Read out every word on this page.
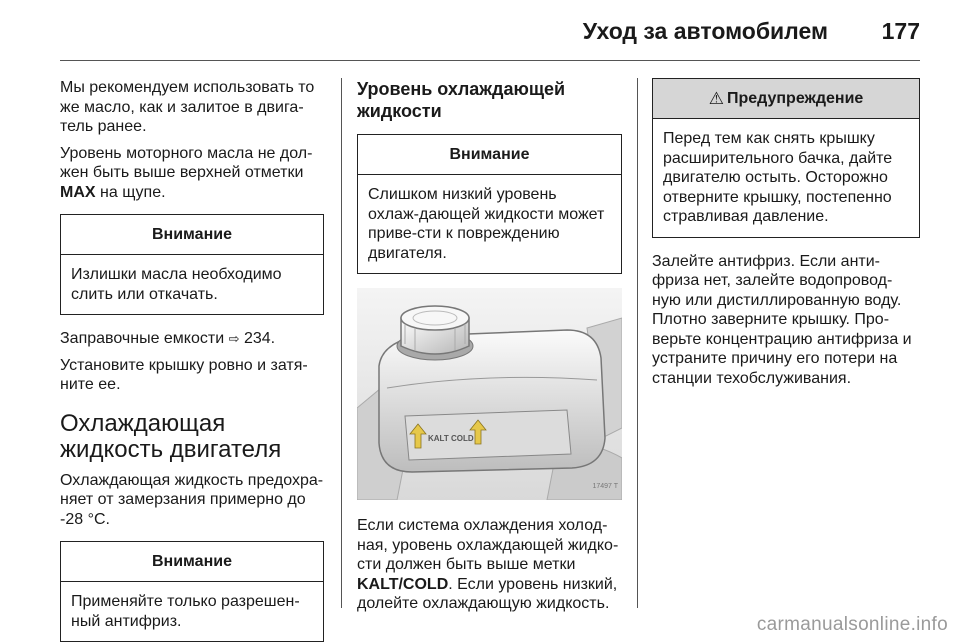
Уход за автомобилем 177

Мы рекомендуем использовать то же масло, как и залитое в двига-тель ранее.

Уровень моторного масла не дол-жен быть выше верхней отметки MAX на щупе.

Внимание
Излишки масла необходимо слить или откачать.

Заправочные емкости ⇨ 234.

Установите крышку ровно и затя-ните ее.

Охлаждающая жидкость двигателя

Охлаждающая жидкость предохра-няет от замерзания примерно до -28 °C.

Внимание
Применяйте только разрешен-ный антифриз.
Уровень охлаждающей жидкости
Внимание
Слишком низкий уровень охлаж-дающей жидкости может приве-сти к повреждению двигателя.
KALT COLD
17497 T

Если система охлаждения холод-ная, уровень охлаждающей жидко-сти должен быть выше метки KALT/COLD. Если уровень низкий, долейте охлаждающую жидкость.

⚠ Предупреждение
Перед тем как снять крышку расширительного бачка, дайте двигателю остыть. Осторожно отверните крышку, постепенно стравливая давление.

Залейте антифриз. Если анти-фриза нет, залейте водопровод-ную или дистиллированную воду. Плотно заверните крышку. Про-верьте концентрацию антифриза и устраните причину его потери на станции техобслуживания.

carmanualsonline.info
